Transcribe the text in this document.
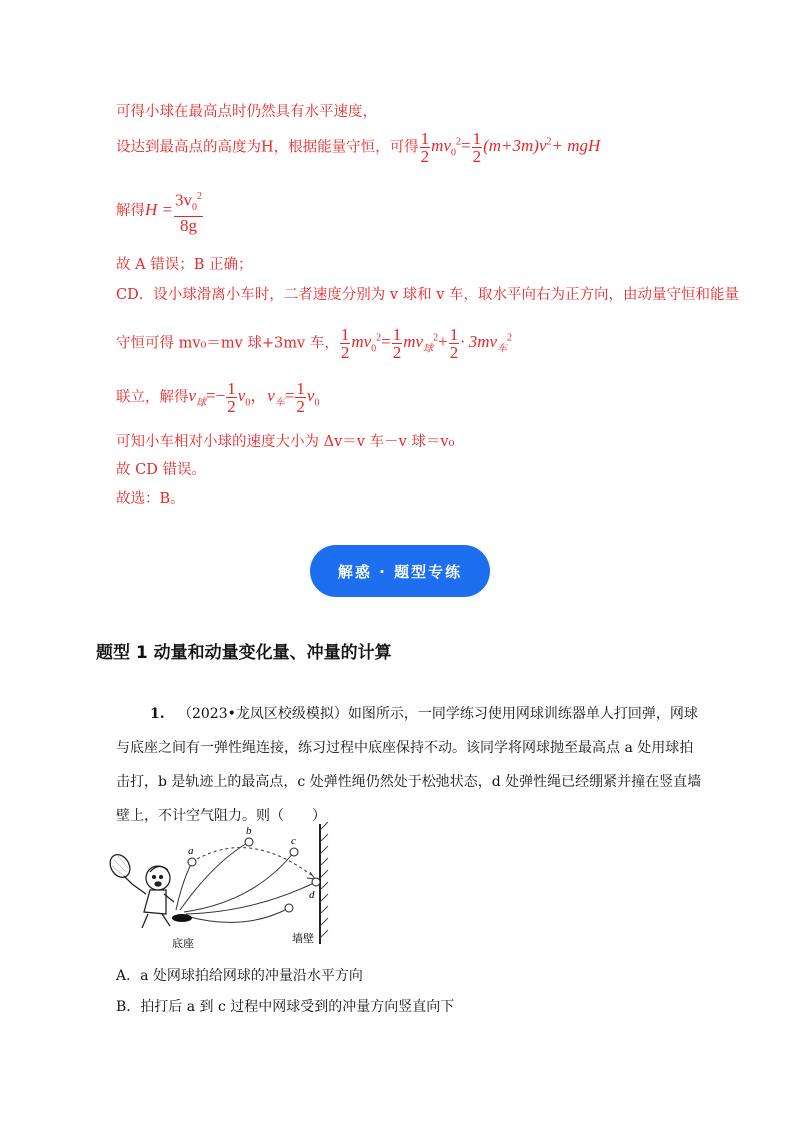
可得小球在最高点时仍然具有水平速度，
设达到最高点的高度为H，根据能量守恒，可得 $\frac{1}{2} mv_0^2= \frac{1}{2} (m+3m)v^2+$ mgH
解得$H = \frac{3v_0^2}{8g}$
故 A 错误；B 正确；
CD．设小球滑离小车时，二者速度分别为 v 球和 v 车，取水平向右为正方向，由动量守恒和能量
守恒可得 mv₀＝mv 球+3mv 车， $\frac{1}{2} mv_0^2= \frac{1}{2} mv_球^2+ \frac{1}{2} \cdot 3mv_车^2$
联立，解得$v_球=- \frac{1}{2} v_0$，$v_车= \frac{1}{2} v_0$
可知小车相对小球的速度大小为 Δv＝v 车－v 球＝v₀
故 CD 错误。
故选：B。
解惑 · 题型专练
题型 1 动量和动量变化量、冲量的计算
1. （2023•龙凤区校级模拟）如图所示，一同学练习使用网球训练器单人打回弹，网球
与底座之间有一弹性绳连接，练习过程中底座保持不动。该同学将网球抛至最高点 a 处用球拍
击打，b 是轨迹上的最高点，c 处弹性绳仍然处于松弛状态，d 处弹性绳已经绷紧并撞在竖直墙
壁上，不计空气阻力。则（　　）
a
b
c
d
底座	墙壁
A．a 处网球拍给网球的冲量沿水平方向
B．拍打后 a 到 c 过程中网球受到的冲量方向竖直向下
